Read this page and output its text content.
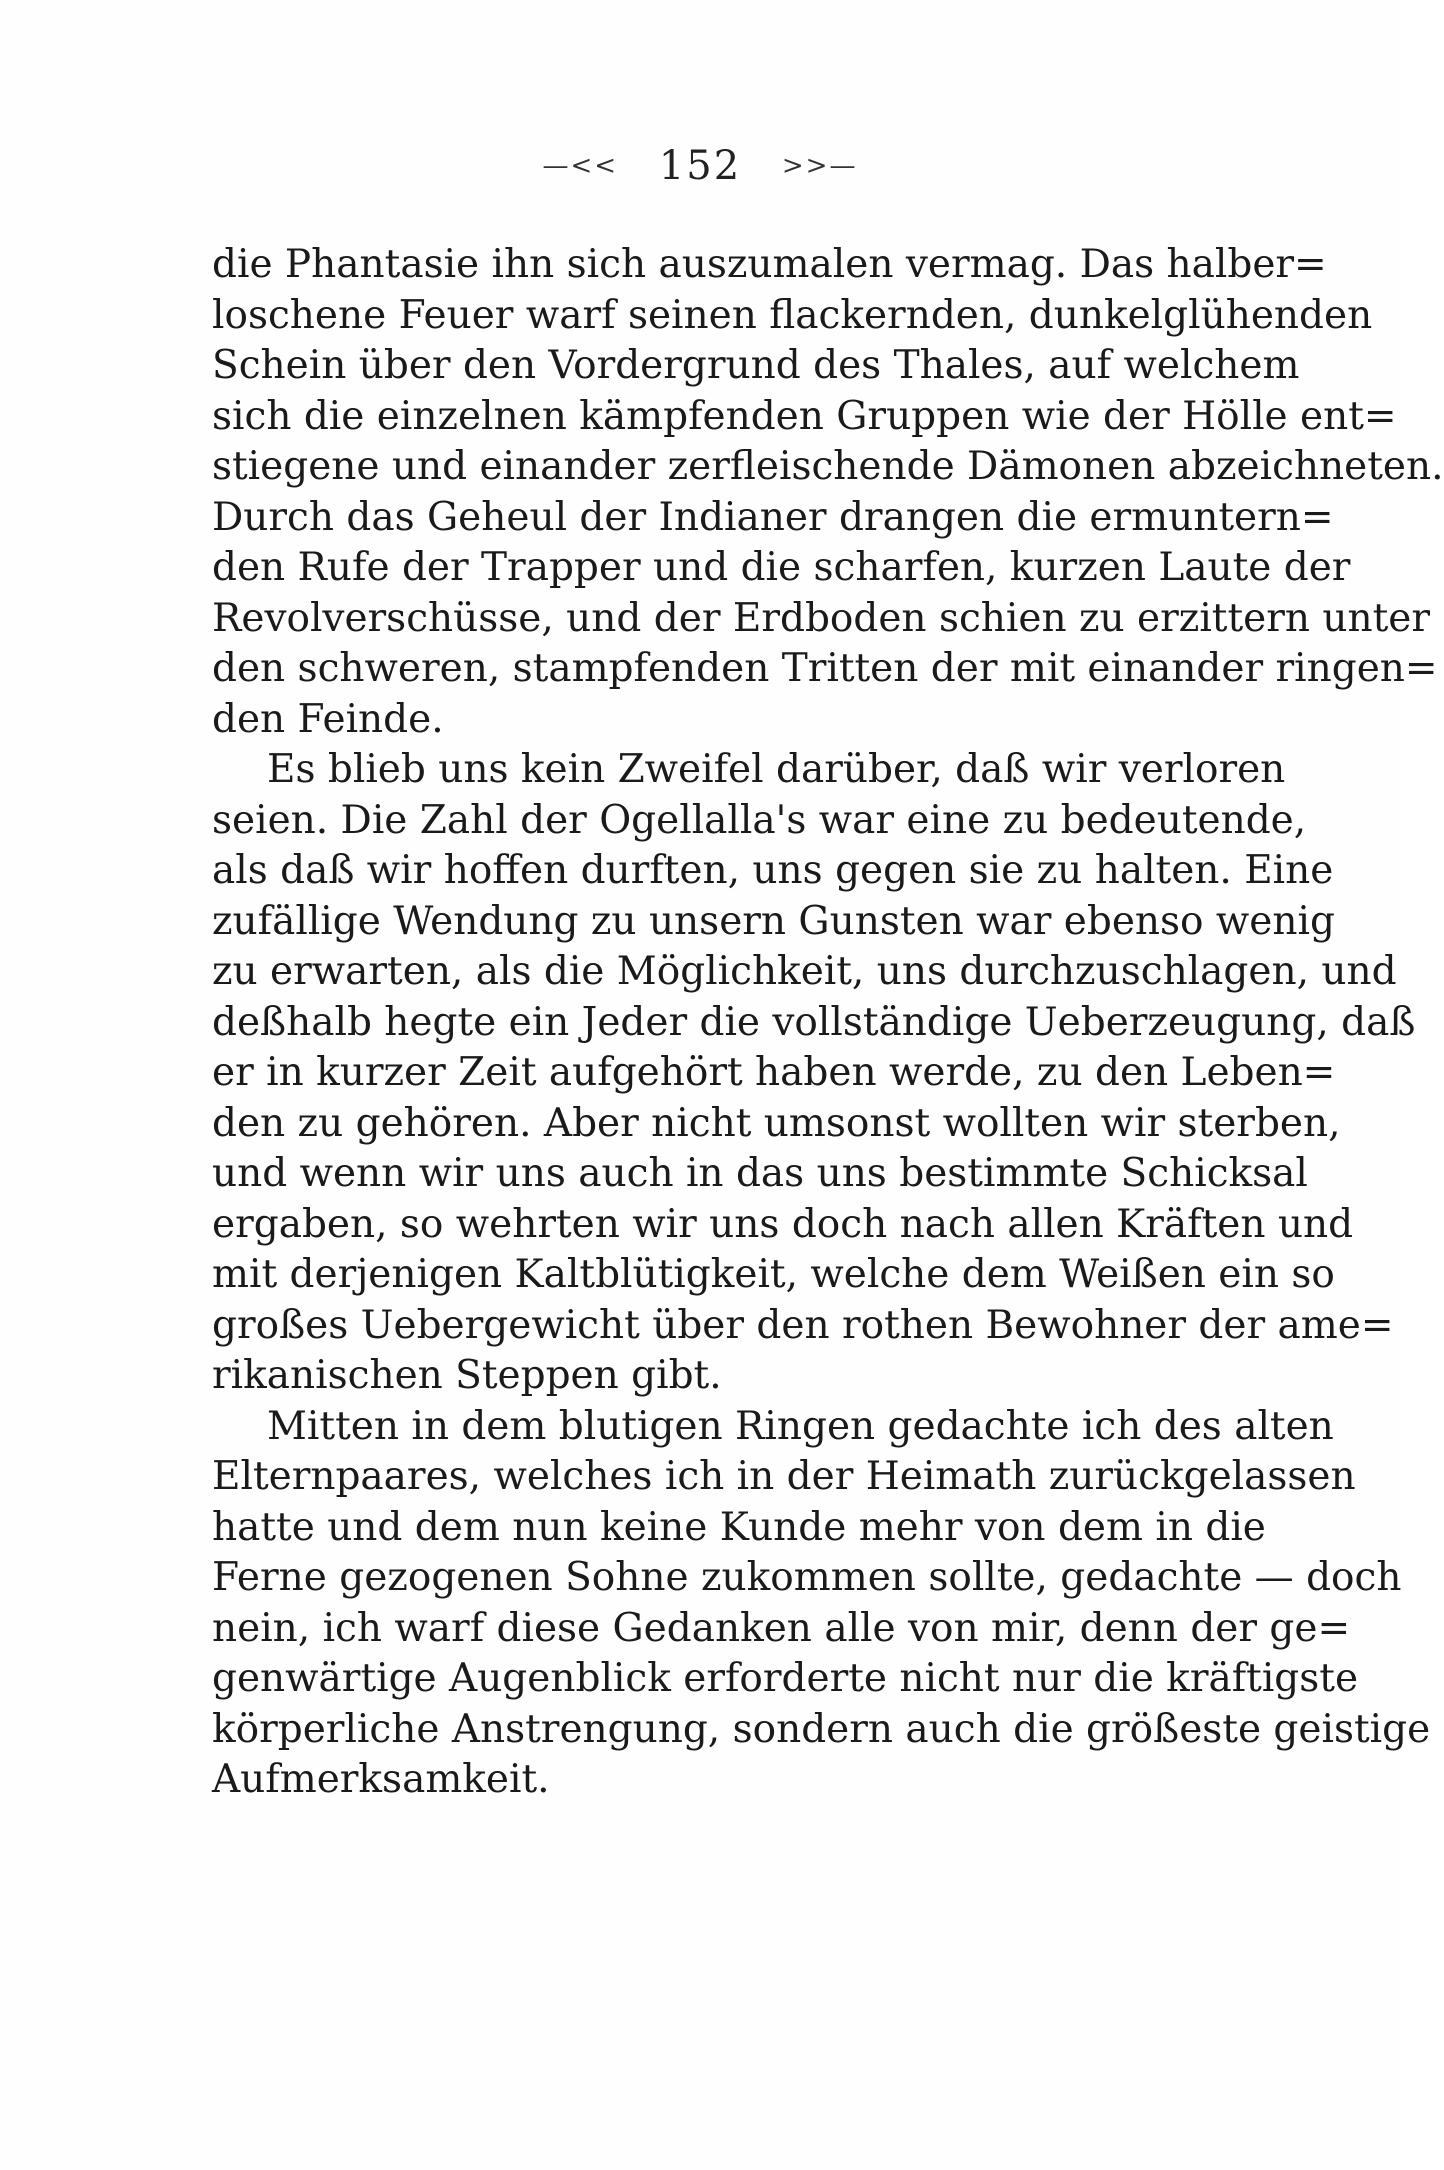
—<< 152 >>—
die Phantasie ihn sich auszumalen vermag. Das halber=
loschene Feuer warf seinen flackernden, dunkelglühenden
Schein über den Vordergrund des Thales, auf welchem
sich die einzelnen kämpfenden Gruppen wie der Hölle ent=
stiegene und einander zerfleischende Dämonen abzeichneten.
Durch das Geheul der Indianer drangen die ermuntern=
den Rufe der Trapper und die scharfen, kurzen Laute der
Revolverschüsse, und der Erdboden schien zu erzittern unter
den schweren, stampfenden Tritten der mit einander ringen=
den Feinde.
Es blieb uns kein Zweifel darüber, daß wir verloren
seien. Die Zahl der Ogellalla's war eine zu bedeutende,
als daß wir hoffen durften, uns gegen sie zu halten. Eine
zufällige Wendung zu unsern Gunsten war ebenso wenig
zu erwarten, als die Möglichkeit, uns durchzuschlagen, und
deßhalb hegte ein Jeder die vollständige Ueberzeugung, daß
er in kurzer Zeit aufgehört haben werde, zu den Leben=
den zu gehören. Aber nicht umsonst wollten wir sterben,
und wenn wir uns auch in das uns bestimmte Schicksal
ergaben, so wehrten wir uns doch nach allen Kräften und
mit derjenigen Kaltblütigkeit, welche dem Weißen ein so
großes Uebergewicht über den rothen Bewohner der ame=
rikanischen Steppen gibt.
Mitten in dem blutigen Ringen gedachte ich des alten
Elternpaares, welches ich in der Heimath zurückgelassen
hatte und dem nun keine Kunde mehr von dem in die
Ferne gezogenen Sohne zukommen sollte, gedachte — doch
nein, ich warf diese Gedanken alle von mir, denn der ge=
genwärtige Augenblick erforderte nicht nur die kräftigste
körperliche Anstrengung, sondern auch die größeste geistige
Aufmerksamkeit.
